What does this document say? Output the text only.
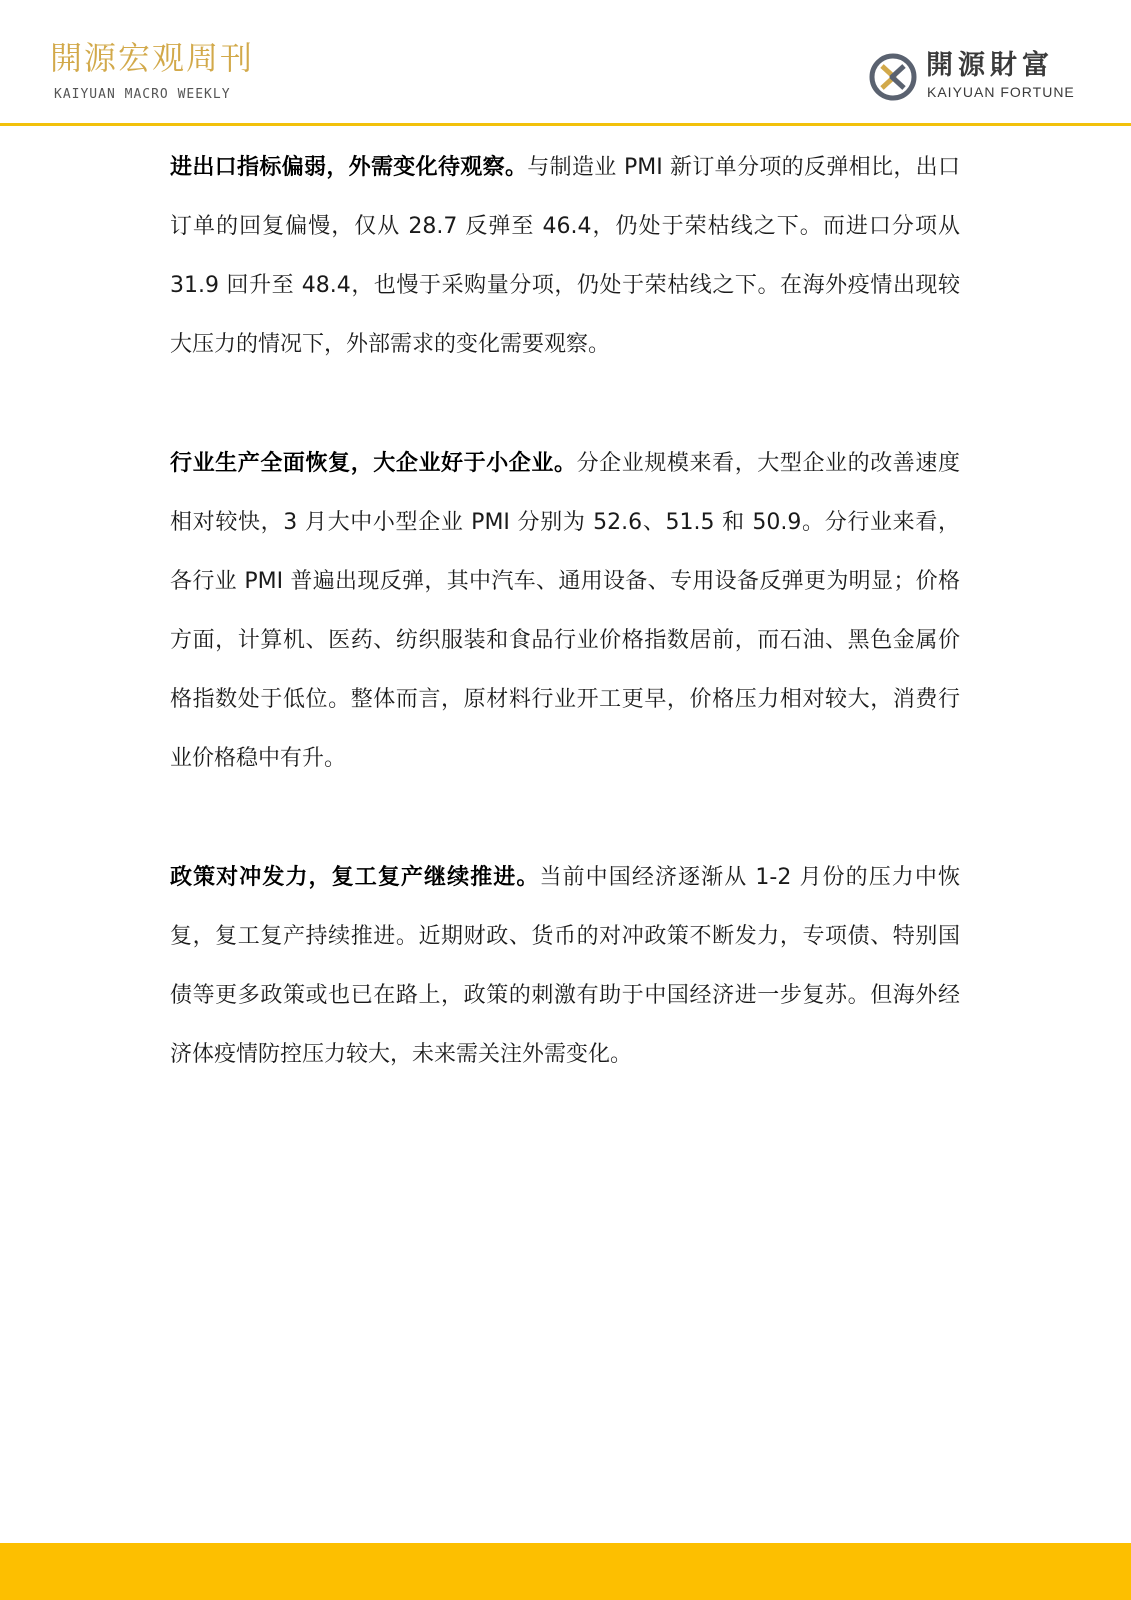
開源宏观周刊
KAIYUAN MACRO WEEKLY
開源財富
KAIYUAN FORTUNE

进出口指标偏弱，外需变化待观察。与制造业 PMI 新订单分项的反弹相比，出口订单的回复偏慢，仅从 28.7 反弹至 46.4，仍处于荣枯线之下。而进口分项从 31.9 回升至 48.4，也慢于采购量分项，仍处于荣枯线之下。在海外疫情出现较大压力的情况下，外部需求的变化需要观察。

行业生产全面恢复，大企业好于小企业。分企业规模来看，大型企业的改善速度相对较快，3 月大中小型企业 PMI 分别为 52.6、51.5 和 50.9。分行业来看，各行业 PMI 普遍出现反弹，其中汽车、通用设备、专用设备反弹更为明显；价格方面，计算机、医药、纺织服装和食品行业价格指数居前，而石油、黑色金属价格指数处于低位。整体而言，原材料行业开工更早，价格压力相对较大，消费行业价格稳中有升。

政策对冲发力，复工复产继续推进。当前中国经济逐渐从 1-2 月份的压力中恢复，复工复产持续推进。近期财政、货币的对冲政策不断发力，专项债、特别国债等更多政策或也已在路上，政策的刺激有助于中国经济进一步复苏。但海外经济体疫情防控压力较大，未来需关注外需变化。
